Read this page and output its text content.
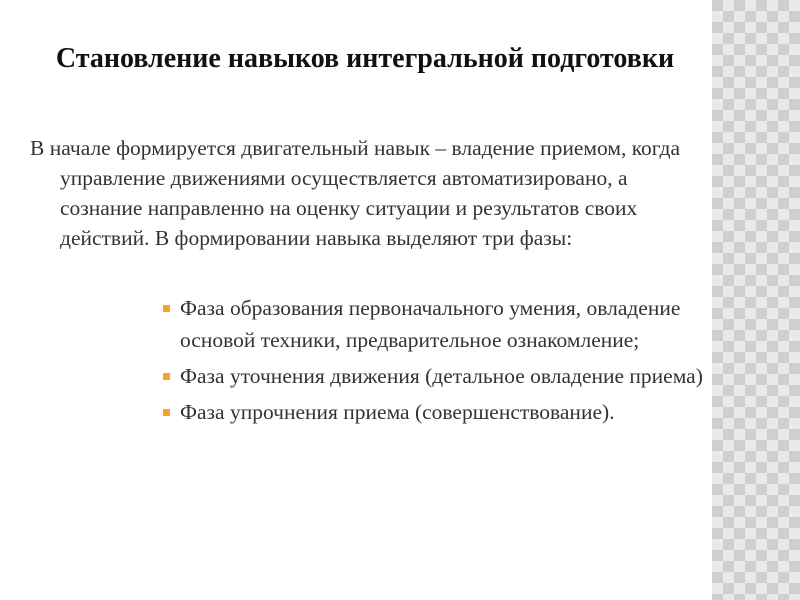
Становление навыков интегральной подготовки
В начале формируется двигательный навык – владение приемом, когда управление движениями осуществляется автоматизировано, а сознание направленно на оценку ситуации и результатов своих действий. В формировании навыка выделяют три фазы:
Фаза образования первоначального умения, овладение основой техники, предварительное ознакомление;
Фаза уточнения движения (детальное овладение приема)
Фаза упрочнения приема (совершенствование).
